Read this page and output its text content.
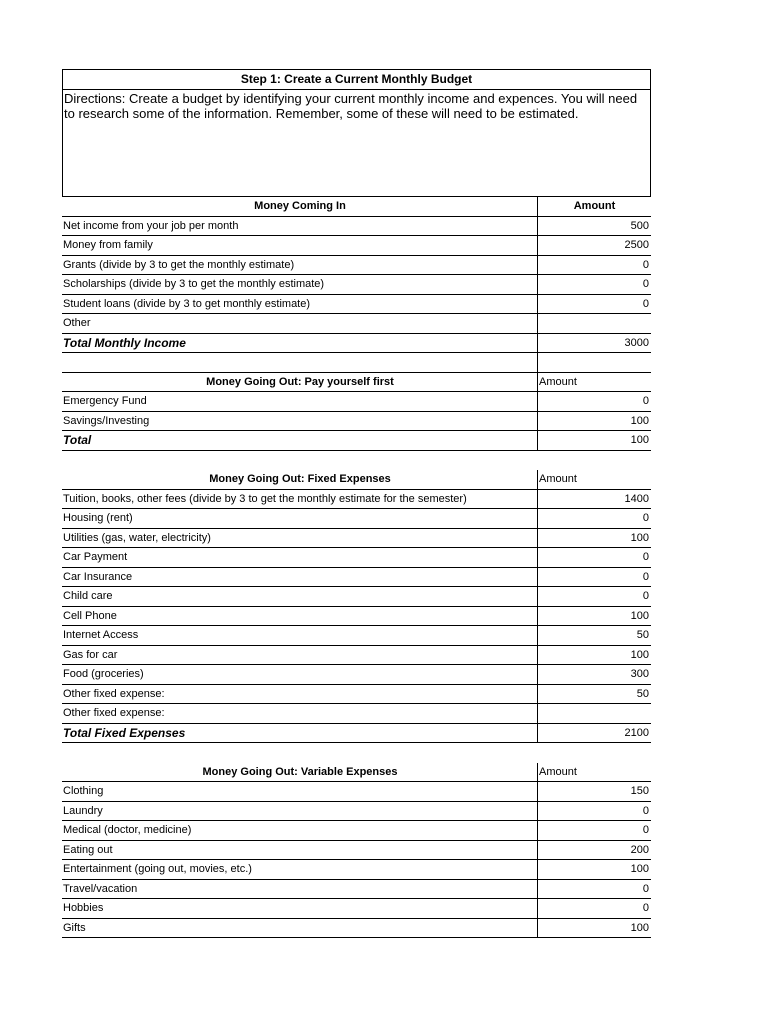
Step 1: Create a Current Monthly Budget
Directions: Create a budget by identifying your current monthly income and expences. You will need to research some of the information. Remember, some of these will need to be estimated.
Money Coming In	Amount
Net income from your job per month	500
Money from family	2500
Grants (divide by 3 to get the monthly estimate)	0
Scholarships (divide by 3 to get the monthly estimate)	0
Student loans (divide by 3 to get monthly estimate)	0
Other
Total Monthly Income	3000
Money Going Out: Pay yourself first	Amount
Emergency Fund	0
Savings/Investing	100
Total	100
Money Going Out: Fixed Expenses	Amount
Tuition, books, other fees (divide by 3 to get the monthly estimate for the semester)	1400
Housing (rent)	0
Utilities (gas, water, electricity)	100
Car Payment	0
Car Insurance	0
Child care	0
Cell Phone	100
Internet Access	50
Gas for car	100
Food (groceries)	300
Other fixed expense:	50
Other fixed expense:
Total Fixed Expenses	2100
Money Going Out: Variable Expenses	Amount
Clothing	150
Laundry	0
Medical (doctor, medicine)	0
Eating out	200
Entertainment (going out, movies, etc.)	100
Travel/vacation	0
Hobbies	0
Gifts	100
